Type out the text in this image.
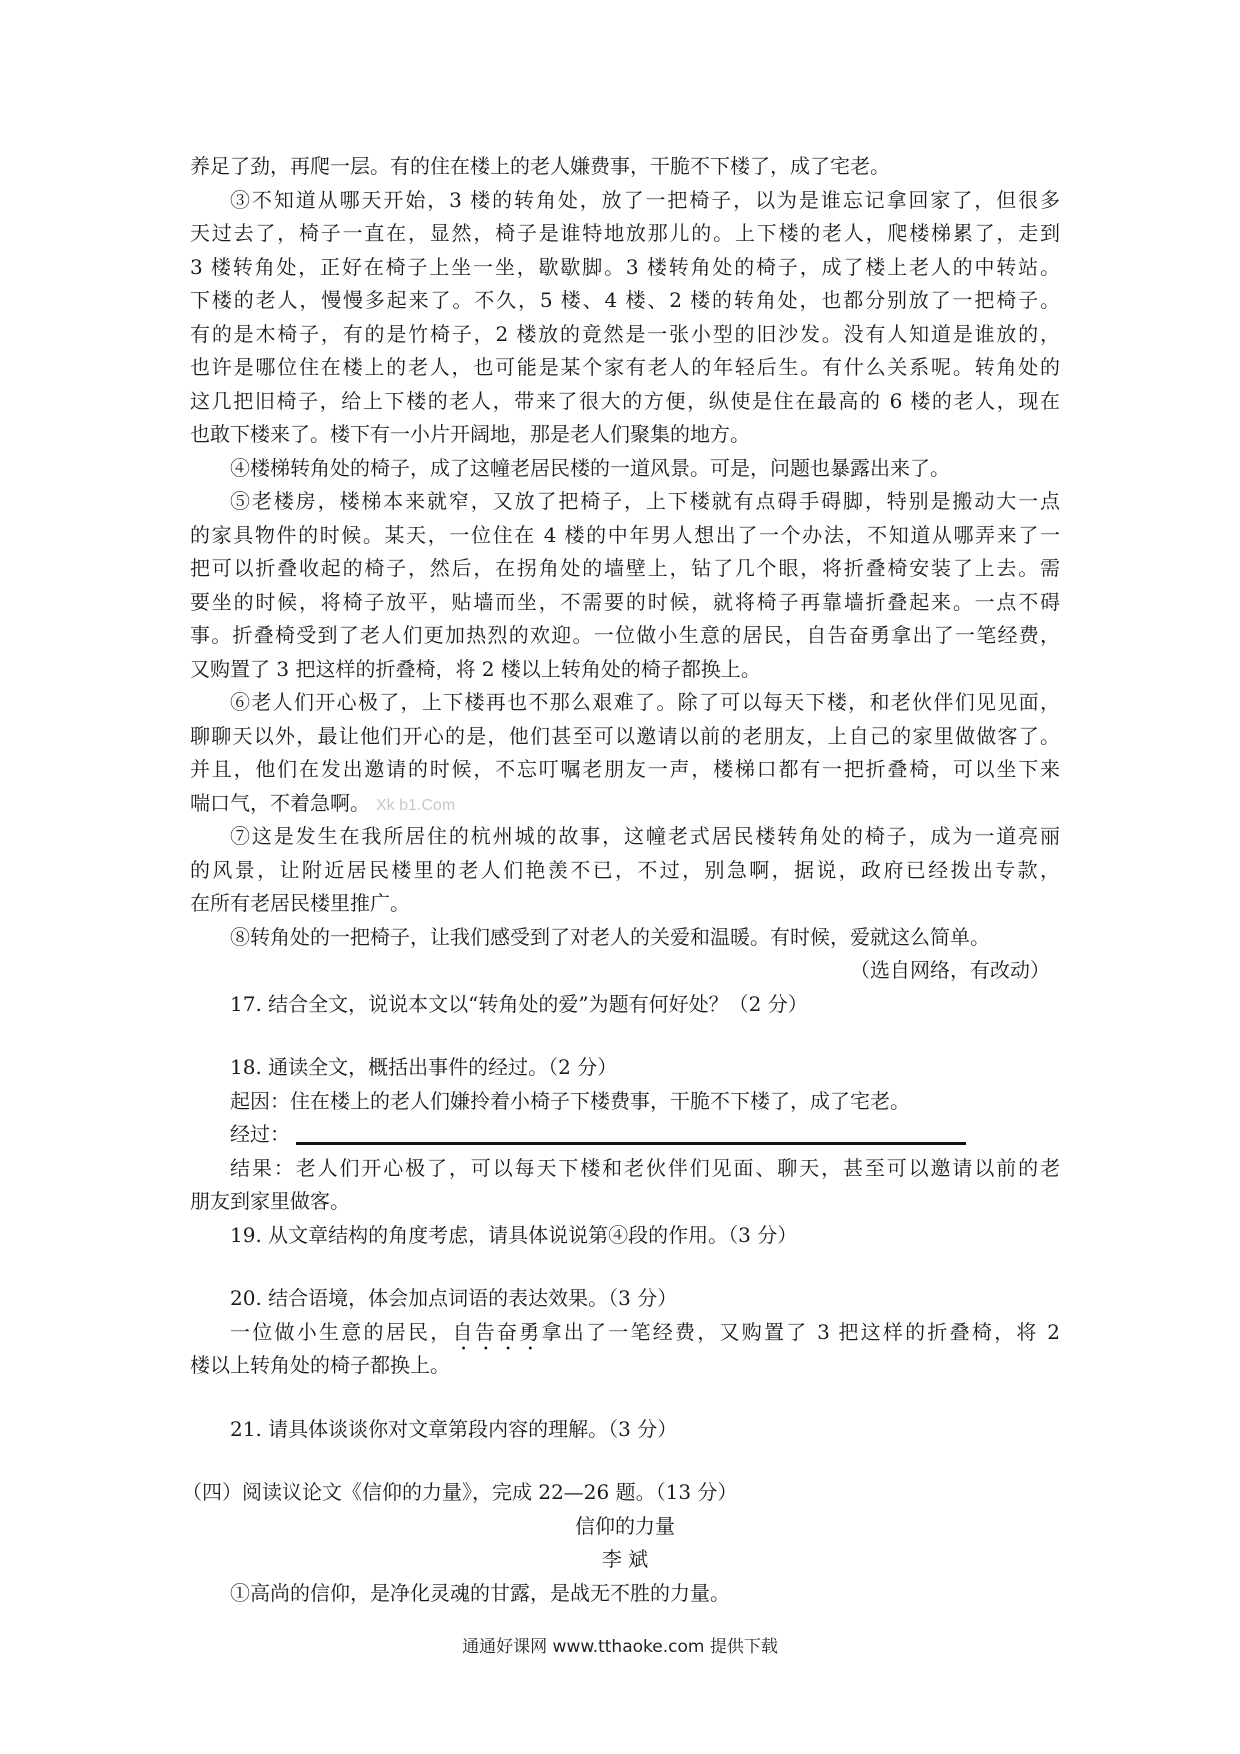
养足了劲，再爬一层。有的住在楼上的老人嫌费事，干脆不下楼了，成了宅老。
③不知道从哪天开始，3 楼的转角处，放了一把椅子，以为是谁忘记拿回家了，但很多
天过去了，椅子一直在，显然，椅子是谁特地放那儿的。上下楼的老人，爬楼梯累了，走到
3 楼转角处，正好在椅子上坐一坐，歇歇脚。3 楼转角处的椅子，成了楼上老人的中转站。
下楼的老人，慢慢多起来了。不久，5 楼、4 楼、2 楼的转角处，也都分别放了一把椅子。
有的是木椅子，有的是竹椅子，2 楼放的竟然是一张小型的旧沙发。没有人知道是谁放的，
也许是哪位住在楼上的老人，也可能是某个家有老人的年轻后生。有什么关系呢。转角处的
这几把旧椅子，给上下楼的老人，带来了很大的方便，纵使是住在最高的 6 楼的老人，现在
也敢下楼来了。楼下有一小片开阔地，那是老人们聚集的地方。
④楼梯转角处的椅子，成了这幢老居民楼的一道风景。可是，问题也暴露出来了。
⑤老楼房，楼梯本来就窄，又放了把椅子，上下楼就有点碍手碍脚，特别是搬动大一点
的家具物件的时候。某天，一位住在 4 楼的中年男人想出了一个办法，不知道从哪弄来了一
把可以折叠收起的椅子，然后，在拐角处的墙壁上，钻了几个眼，将折叠椅安装了上去。需
要坐的时候，将椅子放平，贴墙而坐，不需要的时候，就将椅子再靠墙折叠起来。一点不碍
事。折叠椅受到了老人们更加热烈的欢迎。一位做小生意的居民，自告奋勇拿出了一笔经费，
又购置了 3 把这样的折叠椅，将 2 楼以上转角处的椅子都换上。
⑥老人们开心极了，上下楼再也不那么艰难了。除了可以每天下楼，和老伙伴们见见面，
聊聊天以外，最让他们开心的是，他们甚至可以邀请以前的老朋友，上自己的家里做做客了。
并且，他们在发出邀请的时候，不忘叮嘱老朋友一声，楼梯口都有一把折叠椅，可以坐下来
喘口气，不着急啊。 Xk b1.Com
⑦这是发生在我所居住的杭州城的故事，这幢老式居民楼转角处的椅子，成为一道亮丽
的风景，让附近居民楼里的老人们艳羡不已，不过，别急啊，据说，政府已经拨出专款，
在所有老居民楼里推广。
⑧转角处的一把椅子，让我们感受到了对老人的关爱和温暖。有时候，爱就这么简单。
（选自网络，有改动）
17. 结合全文，说说本文以“转角处的爱”为题有何好处？（2 分）
18. 通读全文，概括出事件的经过。（2 分）
起因：住在楼上的老人们嫌拎着小椅子下楼费事，干脆不下楼了，成了宅老。
经过：
结果：老人们开心极了，可以每天下楼和老伙伴们见面、聊天，甚至可以邀请以前的老
朋友到家里做客。
19. 从文章结构的角度考虑，请具体说说第④段的作用。（3 分）
20. 结合语境，体会加点词语的表达效果。（3 分）
一位做小生意的居民，自告奋勇拿出了一笔经费，又购置了 3 把这样的折叠椅，将 2
楼以上转角处的椅子都换上。
21. 请具体谈谈你对文章第段内容的理解。（3 分）
（四）阅读议论文《信仰的力量》，完成 22—26 题。（13 分）
信仰的力量
李 斌
①高尚的信仰，是净化灵魂的甘露，是战无不胜的力量。
通通好课网 www.tthaoke.com 提供下载
